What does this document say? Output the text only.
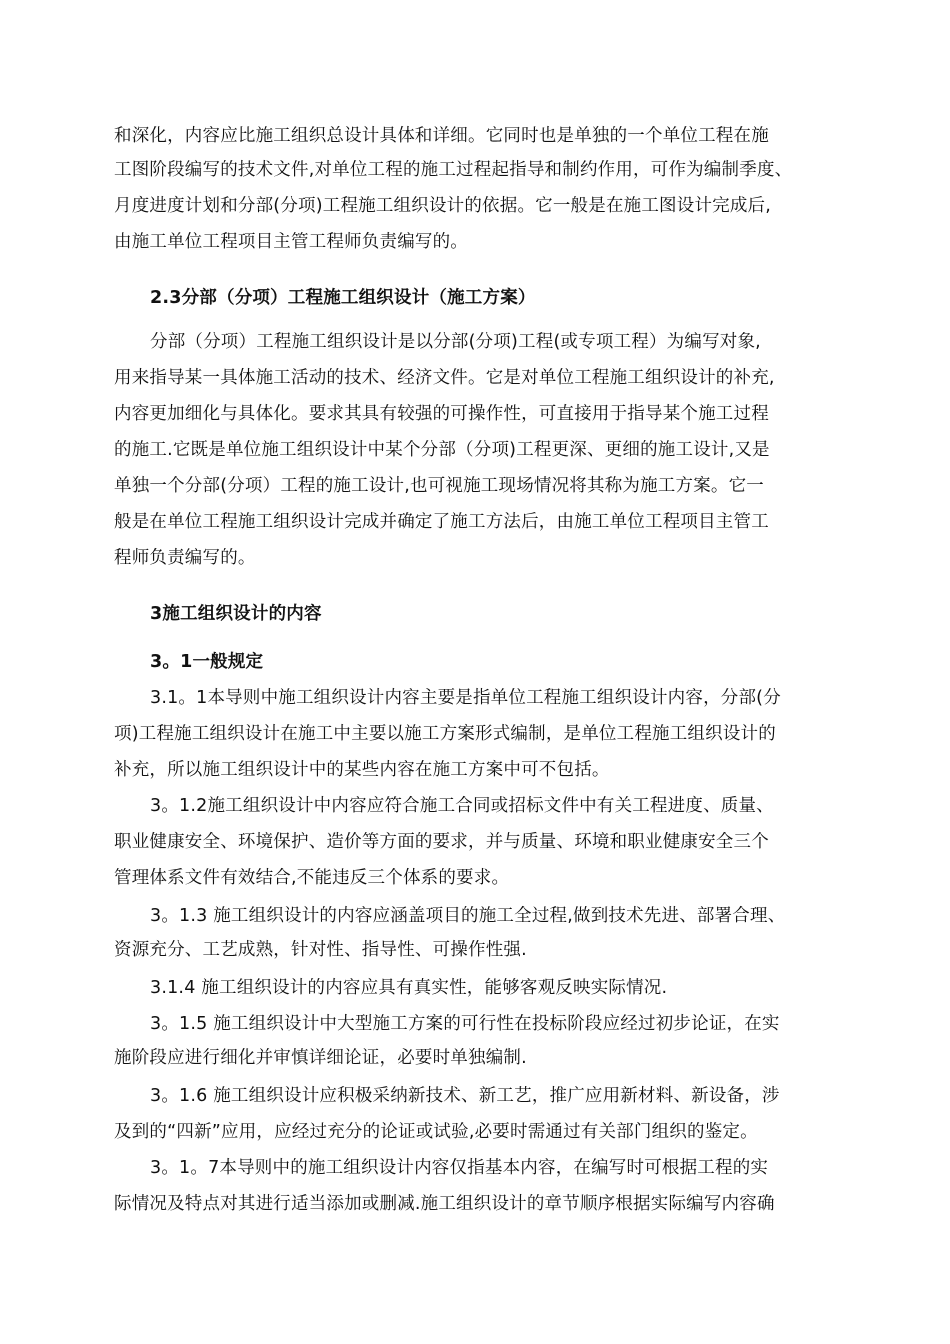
和深化，内容应比施工组织总设计具体和详细。它同时也是单独的一个单位工程在施
工图阶段编写的技术文件,对单位工程的施工过程起指导和制约作用，可作为编制季度、
月度进度计划和分部(分项)工程施工组织设计的依据。它一般是在施工图设计完成后,
由施工单位工程项目主管工程师负责编写的。
2.3分部（分项）工程施工组织设计（施工方案）
分部（分项）工程施工组织设计是以分部(分项)工程(或专项工程）为编写对象,
用来指导某一具体施工活动的技术、经济文件。它是对单位工程施工组织设计的补充,
内容更加细化与具体化。要求其具有较强的可操作性，可直接用于指导某个施工过程
的施工.它既是单位施工组织设计中某个分部（分项)工程更深、更细的施工设计,又是
单独一个分部(分项）工程的施工设计,也可视施工现场情况将其称为施工方案。它一
般是在单位工程施工组织设计完成并确定了施工方法后，由施工单位工程项目主管工
程师负责编写的。
3施工组织设计的内容
3。1一般规定
3.1。1本导则中施工组织设计内容主要是指单位工程施工组织设计内容，分部(分
项)工程施工组织设计在施工中主要以施工方案形式编制，是单位工程施工组织设计的
补充，所以施工组织设计中的某些内容在施工方案中可不包括。
3。1.2施工组织设计中内容应符合施工合同或招标文件中有关工程进度、质量、
职业健康安全、环境保护、造价等方面的要求，并与质量、环境和职业健康安全三个
管理体系文件有效结合,不能违反三个体系的要求。
3。1.3 施工组织设计的内容应涵盖项目的施工全过程,做到技术先进、部署合理、
资源充分、工艺成熟，针对性、指导性、可操作性强.
3.1.4 施工组织设计的内容应具有真实性，能够客观反映实际情况.
3。1.5 施工组织设计中大型施工方案的可行性在投标阶段应经过初步论证，在实
施阶段应进行细化并审慎详细论证，必要时单独编制.
3。1.6 施工组织设计应积极采纳新技术、新工艺，推广应用新材料、新设备，涉
及到的“四新”应用，应经过充分的论证或试验,必要时需通过有关部门组织的鉴定。
3。1。7本导则中的施工组织设计内容仅指基本内容，在编写时可根据工程的实
际情况及特点对其进行适当添加或删减.施工组织设计的章节顺序根据实际编写内容确
